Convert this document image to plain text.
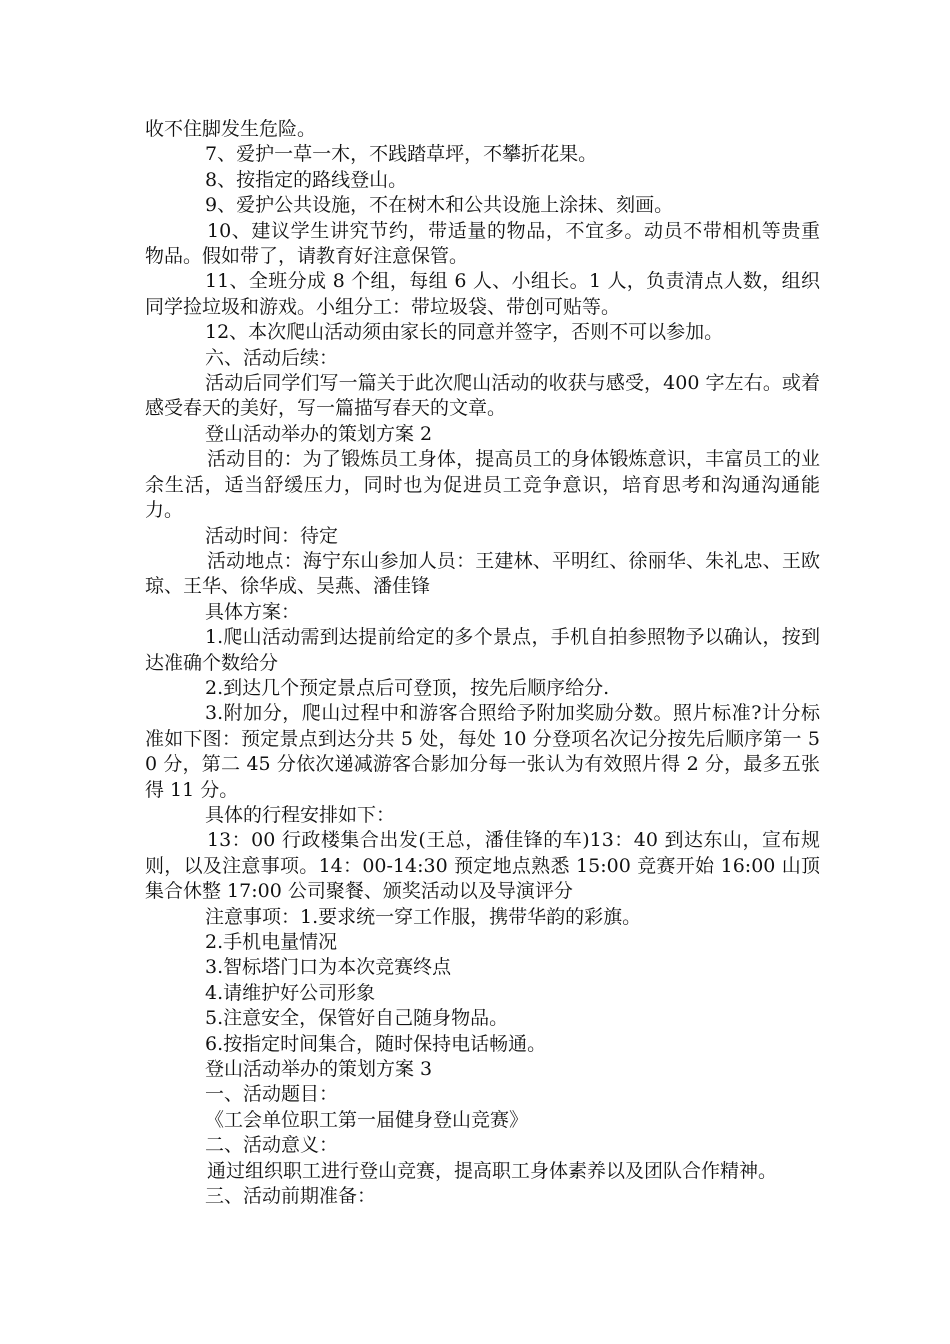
收不住脚发生危险。

7、爱护一草一木，不践踏草坪，不攀折花果。

8、按指定的路线登山。

9、爱护公共设施，不在树木和公共设施上涂抹、刻画。

10、建议学生讲究节约，带适量的物品，不宜多。动员不带相机等贵重物品。假如带了，请教育好注意保管。

11、全班分成 8 个组，每组 6 人、小组长。1 人，负责清点人数，组织同学捡垃圾和游戏。小组分工：带垃圾袋、带创可贴等。

12、本次爬山活动须由家长的同意并签字，否则不可以参加。

六、活动后续：

活动后同学们写一篇关于此次爬山活动的收获与感受，400 字左右。或着感受春天的美好，写一篇描写春天的文章。

登山活动举办的策划方案 2

活动目的：为了锻炼员工身体，提高员工的身体锻炼意识，丰富员工的业余生活，适当舒缓压力，同时也为促进员工竞争意识，培育思考和沟通沟通能力。

活动时间：待定

活动地点：海宁东山参加人员：王建林、平明红、徐丽华、朱礼忠、王欧琼、王华、徐华成、吴燕、潘佳锋

具体方案：

1.爬山活动需到达提前给定的多个景点，手机自拍参照物予以确认，按到达准确个数给分

2.到达几个预定景点后可登顶，按先后顺序给分.

3.附加分，爬山过程中和游客合照给予附加奖励分数。照片标准?计分标准如下图：预定景点到达分共 5 处，每处 10 分登项名次记分按先后顺序第一 50 分，第二 45 分依次递减游客合影加分每一张认为有效照片得 2 分，最多五张得 11 分。

具体的行程安排如下：

13：00 行政楼集合出发(王总，潘佳锋的车)13：40 到达东山，宣布规则，以及注意事项。14：00-14:30 预定地点熟悉 15:00 竞赛开始 16:00 山顶集合休整 17:00 公司聚餐、颁奖活动以及导演评分

注意事项：1.要求统一穿工作服，携带华韵的彩旗。

2.手机电量情况

3.智标塔门口为本次竞赛终点

4.请维护好公司形象

5.注意安全，保管好自己随身物品。

6.按指定时间集合，随时保持电话畅通。

登山活动举办的策划方案 3

一、活动题目：

《工会单位职工第一届健身登山竞赛》

二、活动意义：

通过组织职工进行登山竞赛，提高职工身体素养以及团队合作精神。

三、活动前期准备：
